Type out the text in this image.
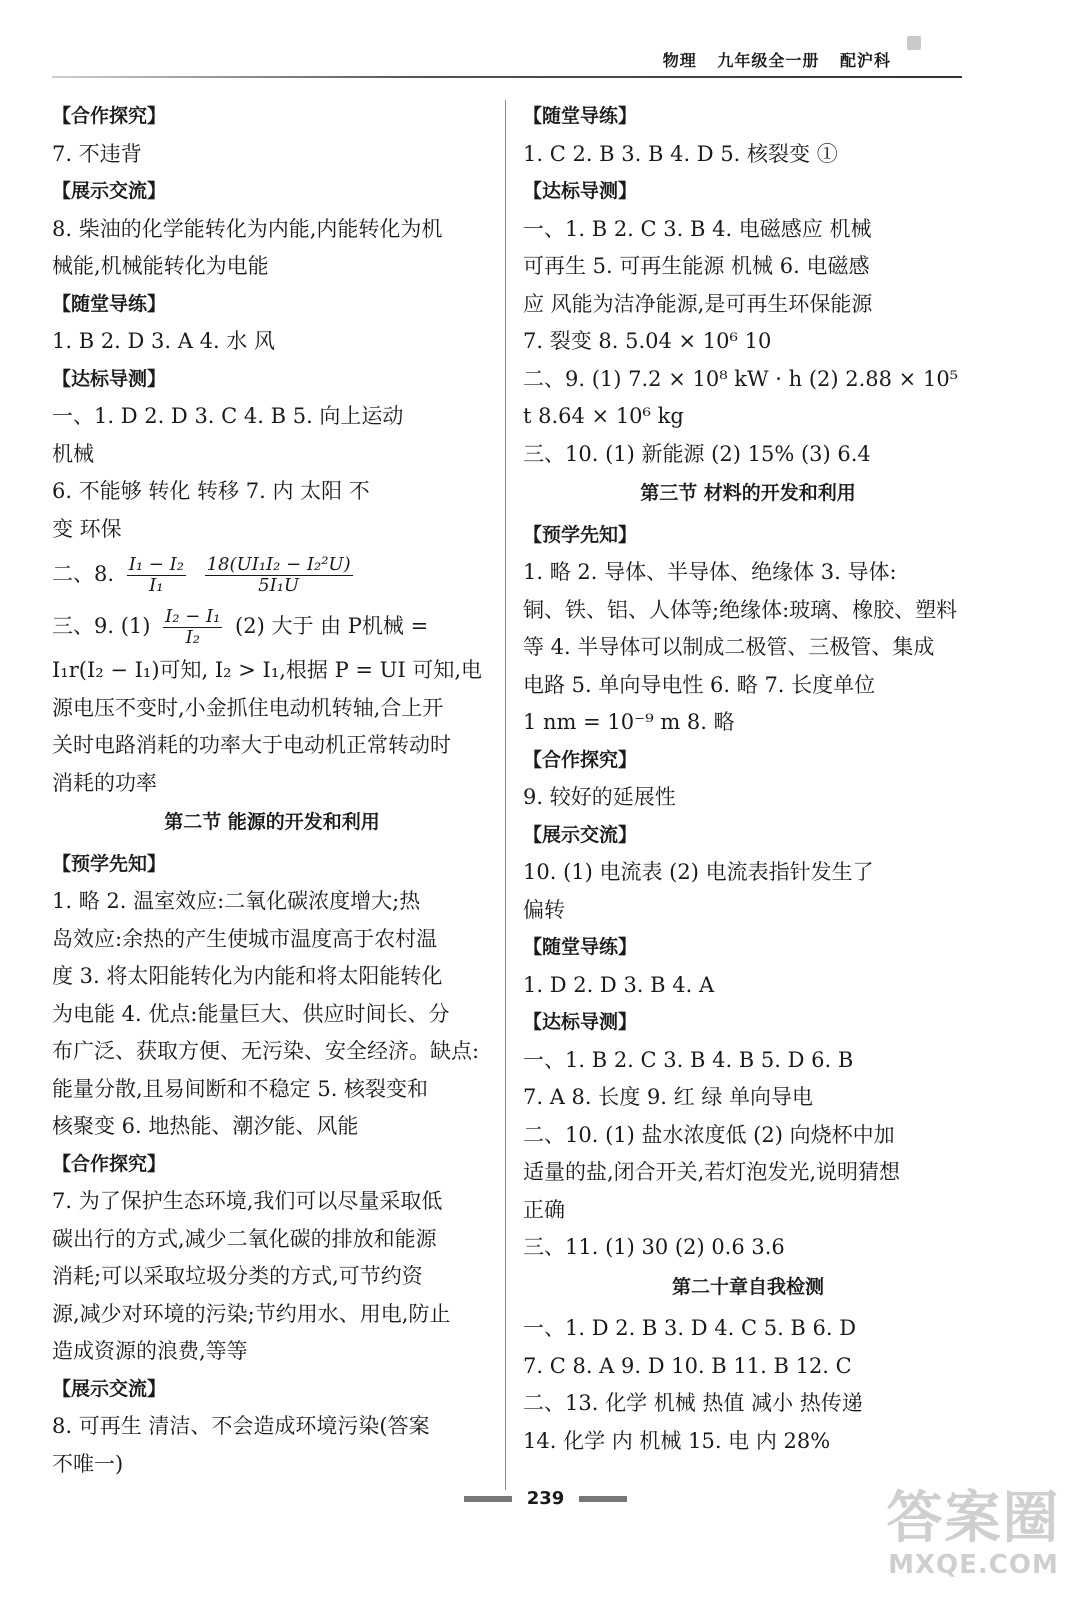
物理 九年级全一册 配沪科
【合作探究】
7. 不违背
【展示交流】
8. 柴油的化学能转化为内能,内能转化为机
械能,机械能转化为电能
【随堂导练】
1. B 2. D 3. A 4. 水 风
【达标导测】
一、1. D 2. D 3. C 4. B 5. 向上运动
机械
6. 不能够 转化 转移 7. 内 太阳 不
变 环保
二、8. $\frac{\text{I₁ − I₂}}{\text{I₁}}$
$\frac{\text{18(UI₁I₂ − I₂²U)}}{\text{5I₁U}}$
三、9. $(1) \frac{\text{I₂ − I₁}}{\text{I₂}} (2)$ 大于 由 P机械 =
I₁r(I₂ − I₁)可知, I₂ > I₁,根据 P = UI 可知,电
源电压不变时,小金抓住电动机转轴,合上开
关时电路消耗的功率大于电动机正常转动时
消耗的功率
第二节 能源的开发和利用
【预学先知】
1. 略 2. 温室效应:二氧化碳浓度增大;热
岛效应:余热的产生使城市温度高于农村温
度 3. 将太阳能转化为内能和将太阳能转化
为电能 4. 优点:能量巨大、供应时间长、分
布广泛、获取方便、无污染、安全经济。缺点:
能量分散,且易间断和不稳定 5. 核裂变和
核聚变 6. 地热能、潮汐能、风能
【合作探究】
7. 为了保护生态环境,我们可以尽量采取低
碳出行的方式,减少二氧化碳的排放和能源
消耗;可以采取垃圾分类的方式,可节约资
源,减少对环境的污染;节约用水、用电,防止
造成资源的浪费,等等
【展示交流】
8. 可再生 清洁、不会造成环境污染(答案
不唯一)
【随堂导练】
1. C 2. B 3. B 4. D 5. 核裂变 ①
【达标导测】
一、1. B 2. C 3. B 4. 电磁感应 机械
可再生 5. 可再生能源 机械 6. 电磁感
应 风能为洁净能源,是可再生环保能源
7. 裂变 8. 5.04 × 10⁶ 10
二、9. (1) 7.2 × 10⁸ kW · h (2) 2.88 × 10⁵
t 8.64 × 10⁶ kg
三、10. (1) 新能源 (2) 15% (3) 6.4
第三节 材料的开发和利用
【预学先知】
1. 略 2. 导体、半导体、绝缘体 3. 导体:
铜、铁、铝、人体等;绝缘体:玻璃、橡胶、塑料
等 4. 半导体可以制成二极管、三极管、集成
电路 5. 单向导电性 6. 略 7. 长度单位
1 nm = 10⁻⁹ m 8. 略
【合作探究】
9. 较好的延展性
【展示交流】
10. (1) 电流表 (2) 电流表指针发生了
偏转
【随堂导练】
1. D 2. D 3. B 4. A
【达标导测】
一、1. B 2. C 3. B 4. B 5. D 6. B
7. A 8. 长度 9. 红 绿 单向导电
二、10. (1) 盐水浓度低 (2) 向烧杯中加
适量的盐,闭合开关,若灯泡发光,说明猜想
正确
三、11. (1) 30 (2) 0.6 3.6
第二十章自我检测
一、1. D 2. B 3. D 4. C 5. B 6. D
7. C 8. A 9. D 10. B 11. B 12. C
二、13. 化学 机械 热值 减小 热传递
14. 化学 内 机械 15. 电 内 28%
239	答案圈
MXQE.COM
